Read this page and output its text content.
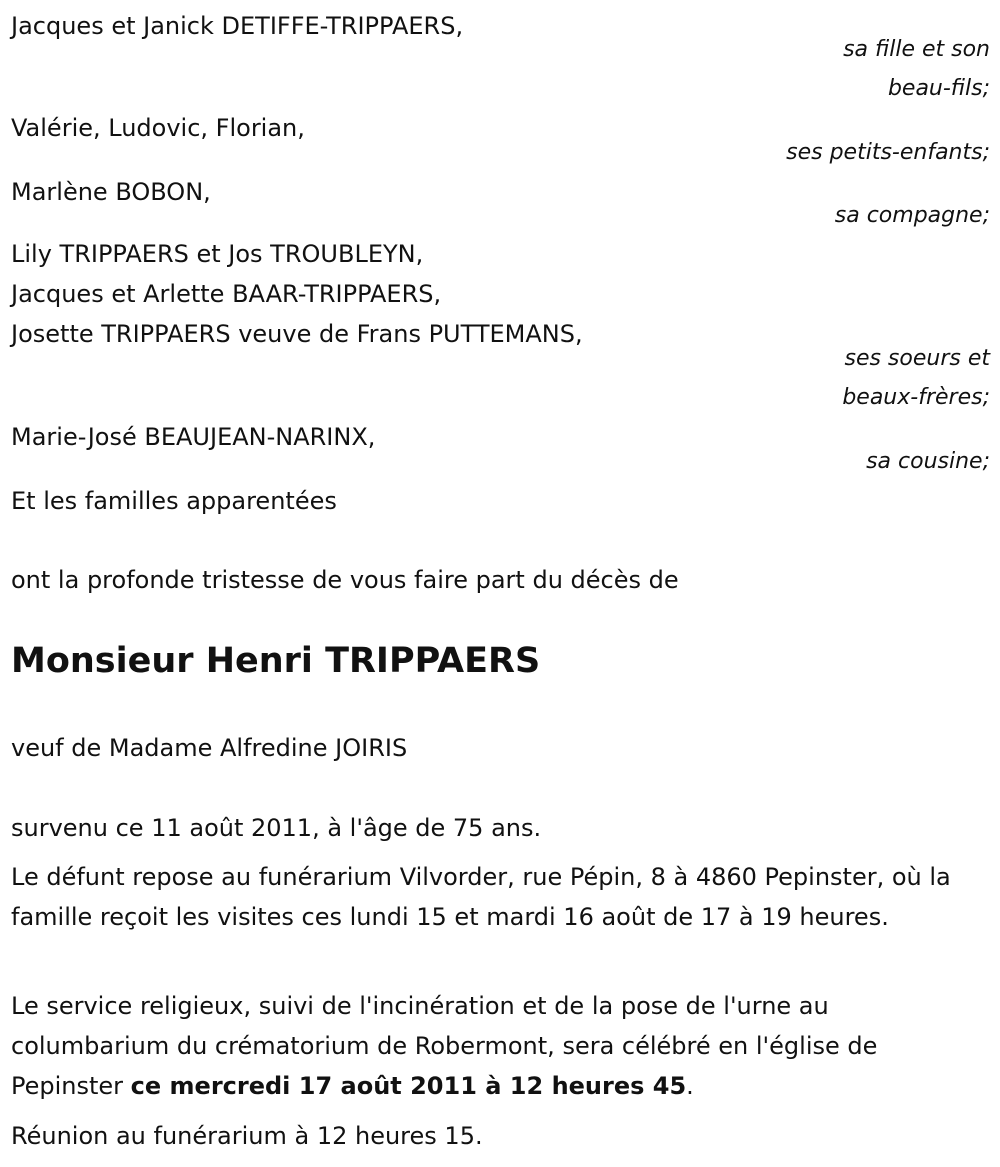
Jacques et Janick DETIFFE-TRIPPAERS,
sa fille et son
beau-fils;
Valérie, Ludovic, Florian,
ses petits-enfants;
Marlène BOBON,
sa compagne;
Lily TRIPPAERS et Jos TROUBLEYN,
Jacques et Arlette BAAR-TRIPPAERS,
Josette TRIPPAERS veuve de Frans PUTTEMANS,
ses soeurs et
beaux-frères;
Marie-José BEAUJEAN-NARINX,
sa cousine;
Et les familles apparentées
ont la profonde tristesse de vous faire part du décès de
Monsieur Henri TRIPPAERS
veuf de Madame Alfredine JOIRIS
survenu ce 11 août 2011, à l'âge de 75 ans.
Le défunt repose au funérarium Vilvorder, rue Pépin, 8 à 4860 Pepinster, où la famille reçoit les visites ces lundi 15 et mardi 16 août de 17 à 19 heures.
Le service religieux, suivi de l'incinération et de la pose de l'urne au columbarium du crématorium de Robermont, sera célébré en l'église de Pepinster ce mercredi 17 août 2011 à 12 heures 45.
Réunion au funérarium à 12 heures 15.
